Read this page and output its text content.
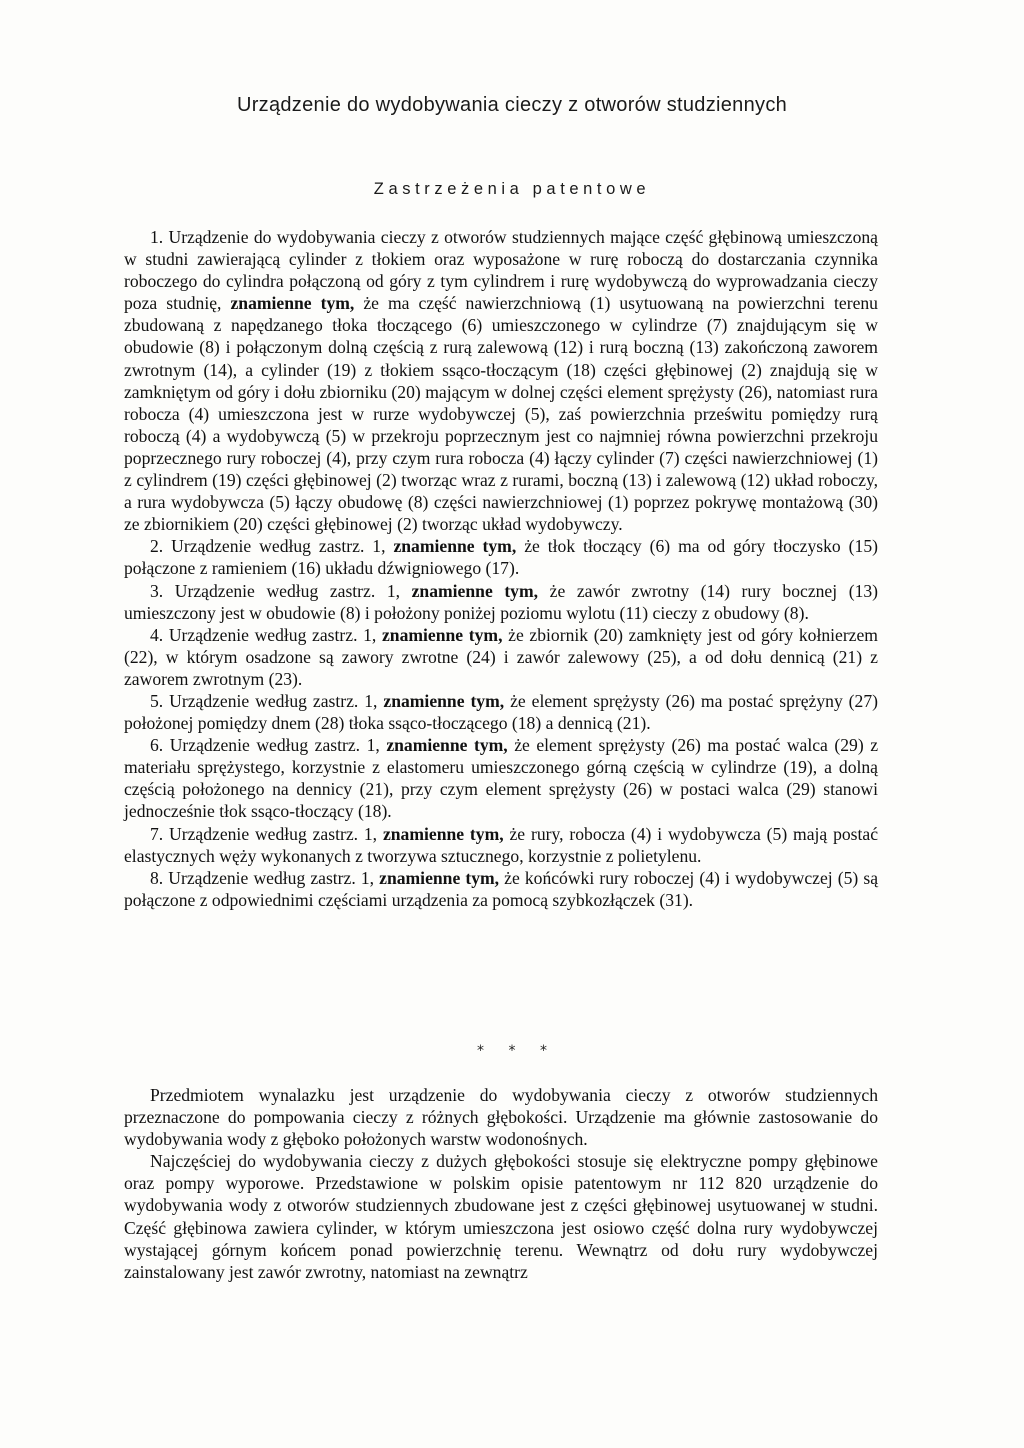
Urządzenie do wydobywania cieczy z otworów studziennych
Zastrzeżenia patentowe

1. Urządzenie do wydobywania cieczy z otworów studziennych mające część głębinową umieszczoną w studni zawierającą cylinder z tłokiem oraz wyposażone w rurę roboczą do dostarczania czynnika roboczego do cylindra połączoną od góry z tym cylindrem i rurę wydobywczą do wyprowadzania cieczy poza studnię, znamienne tym, że ma część nawierzchniową (1) usytuowaną na powierzchni terenu zbudowaną z napędzanego tłoka tłoczącego (6) umieszczonego w cylindrze (7) znajdującym się w obudowie (8) i połączonym dolną częścią z rurą zalewową (12) i rurą boczną (13) zakończoną zaworem zwrotnym (14), a cylinder (19) z tłokiem ssąco-tłoczącym (18) części głębinowej (2) znajdują się w zamkniętym od góry i dołu zbiorniku (20) mającym w dolnej części element sprężysty (26), natomiast rura robocza (4) umieszczona jest w rurze wydobywczej (5), zaś powierzchnia prześwitu pomiędzy rurą roboczą (4) a wydobywczą (5) w przekroju poprzecznym jest co najmniej równa powierzchni przekroju poprzecznego rury roboczej (4), przy czym rura robocza (4) łączy cylinder (7) części nawierzchniowej (1) z cylindrem (19) części głębinowej (2) tworząc wraz z rurami, boczną (13) i zalewową (12) układ roboczy, a rura wydobywcza (5) łączy obudowę (8) części nawierzchniowej (1) poprzez pokrywę montażową (30) ze zbiornikiem (20) części głębinowej (2) tworząc układ wydobywczy.

2. Urządzenie według zastrz. 1, znamienne tym, że tłok tłoczący (6) ma od góry tłoczysko (15) połączone z ramieniem (16) układu dźwigniowego (17).

3. Urządzenie według zastrz. 1, znamienne tym, że zawór zwrotny (14) rury bocznej (13) umieszczony jest w obudowie (8) i położony poniżej poziomu wylotu (11) cieczy z obudowy (8).

4. Urządzenie według zastrz. 1, znamienne tym, że zbiornik (20) zamknięty jest od góry kołnierzem (22), w którym osadzone są zawory zwrotne (24) i zawór zalewowy (25), a od dołu dennicą (21) z zaworem zwrotnym (23).

5. Urządzenie według zastrz. 1, znamienne tym, że element sprężysty (26) ma postać sprężyny (27) położonej pomiędzy dnem (28) tłoka ssąco-tłoczącego (18) a dennicą (21).

6. Urządzenie według zastrz. 1, znamienne tym, że element sprężysty (26) ma postać walca (29) z materiału sprężystego, korzystnie z elastomeru umieszczonego górną częścią w cylindrze (19), a dolną częścią położonego na dennicy (21), przy czym element sprężysty (26) w postaci walca (29) stanowi jednocześnie tłok ssąco-tłoczący (18).

7. Urządzenie według zastrz. 1, znamienne tym, że rury, robocza (4) i wydobywcza (5) mają postać elastycznych węży wykonanych z tworzywa sztucznego, korzystnie z polietylenu.

8. Urządzenie według zastrz. 1, znamienne tym, że końcówki rury roboczej (4) i wydobywczej (5) są połączone z odpowiednimi częściami urządzenia za pomocą szybkozłączek (31).

* * *

Przedmiotem wynalazku jest urządzenie do wydobywania cieczy z otworów studziennych przeznaczone do pompowania cieczy z różnych głębokości. Urządzenie ma głównie zastosowanie do wydobywania wody z głęboko położonych warstw wodonośnych.

Najczęściej do wydobywania cieczy z dużych głębokości stosuje się elektryczne pompy głębinowe oraz pompy wyporowe. Przedstawione w polskim opisie patentowym nr 112 820 urządzenie do wydobywania wody z otworów studziennych zbudowane jest z części głębinowej usytuowanej w studni. Część głębinowa zawiera cylinder, w którym umieszczona jest osiowo część dolna rury wydobywczej wystającej górnym końcem ponad powierzchnię terenu. Wewnątrz od dołu rury wydobywczej zainstalowany jest zawór zwrotny, natomiast na zewnątrz
